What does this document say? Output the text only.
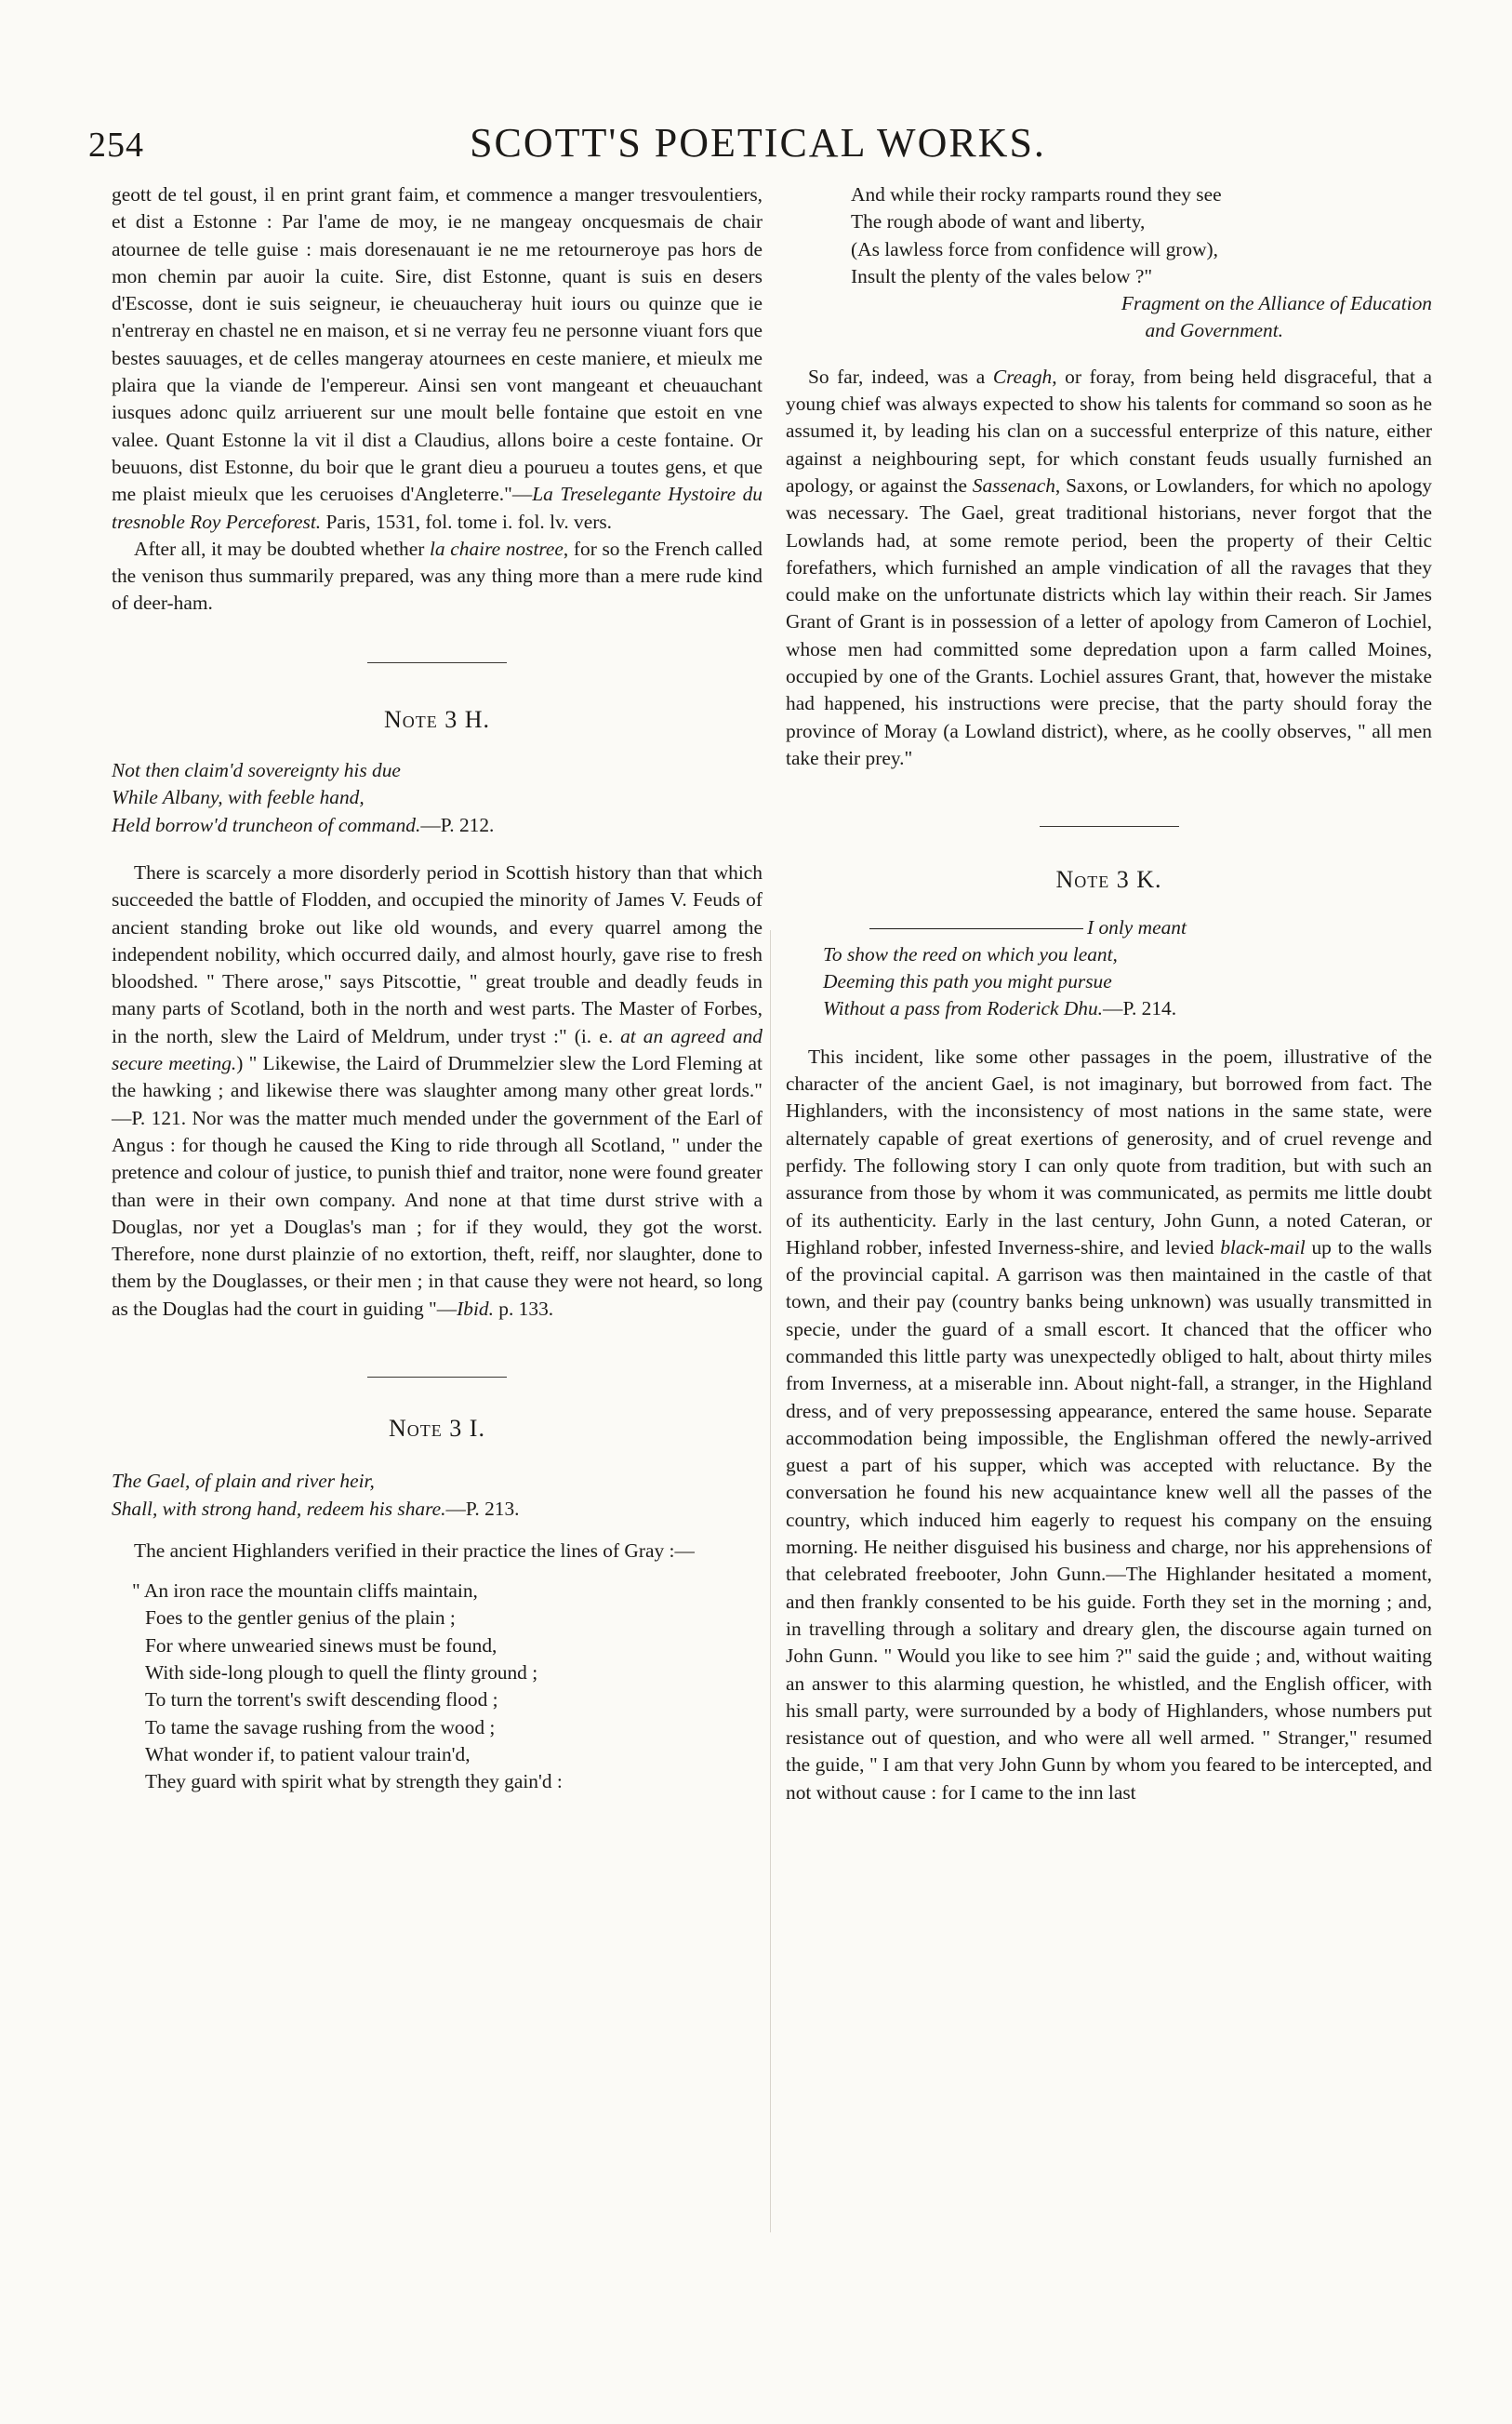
254	SCOTT'S POETICAL WORKS.

geott de tel goust, il en print grant faim, et commence a manger tresvoulentiers, et dist a Estonne : Par l'ame de moy, ie ne mangeay oncquesmais de chair atournee de telle guise : mais doresenauant ie ne me retourneroye pas hors de mon chemin par auoir la cuite. Sire, dist Estonne, quant is suis en desers d'Escosse, dont ie suis seigneur, ie cheuaucheray huit iours ou quinze que ie n'entreray en chastel ne en maison, et si ne verray feu ne personne viuant fors que bestes sauuages, et de celles mangeray atournees en ceste maniere, et mieulx me plaira que la viande de l'empereur. Ainsi sen vont mangeant et cheuauchant iusques adonc quilz arriuerent sur une moult belle fontaine que estoit en vne valee. Quant Estonne la vit il dist a Claudius, allons boire a ceste fontaine. Or beuuons, dist Estonne, du boir que le grant dieu a pourueu a toutes gens, et que me plaist mieulx que les ceruoises d'Angleterre."—La Treselegante Hystoire du tresnoble Roy Perceforest. Paris, 1531, fol. tome i. fol. lv. vers.

After all, it may be doubted whether la chaire nostree, for so the French called the venison thus summarily prepared, was any thing more than a mere rude kind of deer-ham.

Note 3 H.
Not then claim'd sovereignty his due
While Albany, with feeble hand,
Held borrow'd truncheon of command.—P. 212.

There is scarcely a more disorderly period in Scottish history than that which succeeded the battle of Flodden, and occupied the minority of James V. Feuds of ancient standing broke out like old wounds, and every quarrel among the independent nobility, which occurred daily, and almost hourly, gave rise to fresh bloodshed. " There arose," says Pitscottie, " great trouble and deadly feuds in many parts of Scotland, both in the north and west parts. The Master of Forbes, in the north, slew the Laird of Meldrum, under tryst :" (i. e. at an agreed and secure meeting.) " Likewise, the Laird of Drummelzier slew the Lord Fleming at the hawking ; and likewise there was slaughter among many other great lords." —P. 121. Nor was the matter much mended under the government of the Earl of Angus : for though he caused the King to ride through all Scotland, " under the pretence and colour of justice, to punish thief and traitor, none were found greater than were in their own company. And none at that time durst strive with a Douglas, nor yet a Douglas's man ; for if they would, they got the worst. Therefore, none durst plainzie of no extortion, theft, reiff, nor slaughter, done to them by the Douglasses, or their men ; in that cause they were not heard, so long as the Douglas had the court in guiding "—Ibid. p. 133.

Note 3 I.
The Gael, of plain and river heir,
Shall, with strong hand, redeem his share.—P. 213.

The ancient Highlanders verified in their practice the lines of Gray :—

" An iron race the mountain cliffs maintain,
Foes to the gentler genius of the plain ;
For where unwearied sinews must be found,
With side-long plough to quell the flinty ground ;
To turn the torrent's swift descending flood ;
To tame the savage rushing from the wood ;
What wonder if, to patient valour train'd,
They guard with spirit what by strength they gain'd :
And while their rocky ramparts round they see
The rough abode of want and liberty,
(As lawless force from confidence will grow),
Insult the plenty of the vales below ?"
Fragment on the Alliance of Education
and Government.

So far, indeed, was a Creagh, or foray, from being held disgraceful, that a young chief was always expected to show his talents for command so soon as he assumed it, by leading his clan on a successful enterprize of this nature, either against a neighbouring sept, for which constant feuds usually furnished an apology, or against the Sassenach, Saxons, or Lowlanders, for which no apology was necessary. The Gael, great traditional historians, never forgot that the Lowlands had, at some remote period, been the property of their Celtic forefathers, which furnished an ample vindication of all the ravages that they could make on the unfortunate districts which lay within their reach. Sir James Grant of Grant is in possession of a letter of apology from Cameron of Lochiel, whose men had committed some depredation upon a farm called Moines, occupied by one of the Grants. Lochiel assures Grant, that, however the mistake had happened, his instructions were precise, that the party should foray the province of Moray (a Lowland district), where, as he coolly observes, " all men take their prey."

Note 3 K.
I only meant
To show the reed on which you leant,
Deeming this path you might pursue
Without a pass from Roderick Dhu.—P. 214.

This incident, like some other passages in the poem, illustrative of the character of the ancient Gael, is not imaginary, but borrowed from fact. The Highlanders, with the inconsistency of most nations in the same state, were alternately capable of great exertions of generosity, and of cruel revenge and perfidy. The following story I can only quote from tradition, but with such an assurance from those by whom it was communicated, as permits me little doubt of its authenticity. Early in the last century, John Gunn, a noted Cateran, or Highland robber, infested Inverness-shire, and levied black-mail up to the walls of the provincial capital. A garrison was then maintained in the castle of that town, and their pay (country banks being unknown) was usually transmitted in specie, under the guard of a small escort. It chanced that the officer who commanded this little party was unexpectedly obliged to halt, about thirty miles from Inverness, at a miserable inn. About night-fall, a stranger, in the Highland dress, and of very prepossessing appearance, entered the same house. Separate accommodation being impossible, the Englishman offered the newly-arrived guest a part of his supper, which was accepted with reluctance. By the conversation he found his new acquaintance knew well all the passes of the country, which induced him eagerly to request his company on the ensuing morning. He neither disguised his business and charge, nor his apprehensions of that celebrated freebooter, John Gunn.—The Highlander hesitated a moment, and then frankly consented to be his guide. Forth they set in the morning ; and, in travelling through a solitary and dreary glen, the discourse again turned on John Gunn. " Would you like to see him ?" said the guide ; and, without waiting an answer to this alarming question, he whistled, and the English officer, with his small party, were surrounded by a body of Highlanders, whose numbers put resistance out of question, and who were all well armed. " Stranger," resumed the guide, " I am that very John Gunn by whom you feared to be intercepted, and not without cause : for I came to the inn last
